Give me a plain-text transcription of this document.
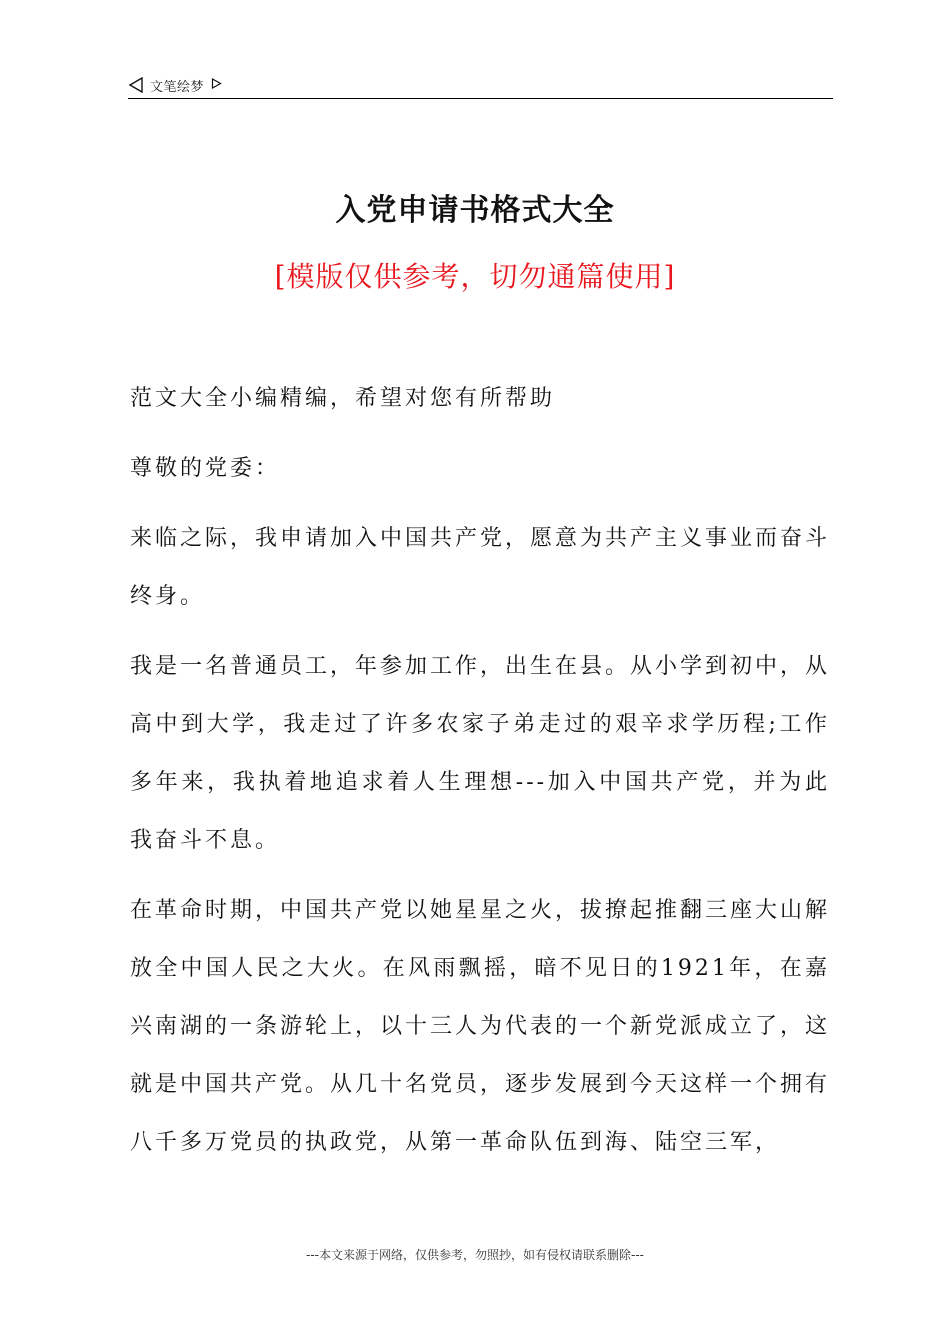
文笔绘梦
入党申请书格式大全
[模版仅供参考，切勿通篇使用]

范文大全小编精编，希望对您有所帮助

尊敬的党委：

来临之际，我申请加入中国共产党，愿意为共产主义事业而奋斗终身。

我是一名普通员工，年参加工作，出生在县。从小学到初中，从高中到大学，我走过了许多农家子弟走过的艰辛求学历程;工作多年来，我执着地追求着人生理想---加入中国共产党，并为此我奋斗不息。

在革命时期，中国共产党以她星星之火，拔撩起推翻三座大山解放全中国人民之大火。在风雨飘摇，暗不见日的1921年，在嘉兴南湖的一条游轮上，以十三人为代表的一个新党派成立了，这就是中国共产党。从几十名党员，逐步发展到今天这样一个拥有八千多万党员的执政党，从第一革命队伍到海、陆空三军，

---本文来源于网络，仅供参考，勿照抄，如有侵权请联系删除---
